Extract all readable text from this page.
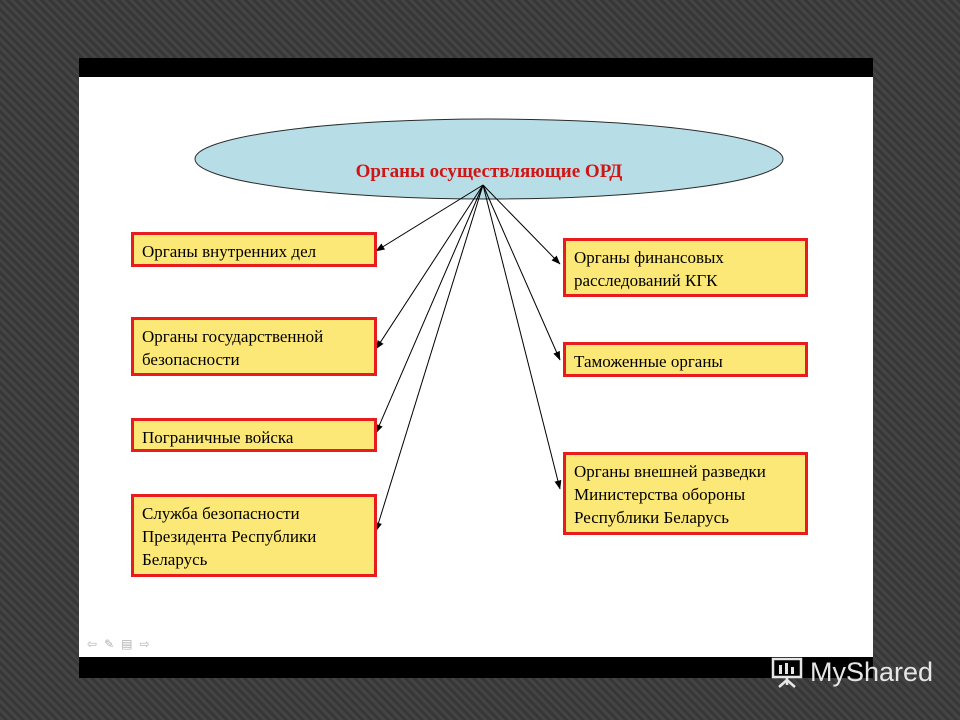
Органы осуществляющие ОРД
Органы внутренних дел
Органы государственной
безопасности
Пограничные войска
Служба безопасности
Президента Республики
Беларусь
Органы финансовых
расследований КГК
Таможенные органы
Органы внешней разведки
Министерства обороны
Республики Беларусь
⇦ ✎ ▤ ⇨
MyShared
